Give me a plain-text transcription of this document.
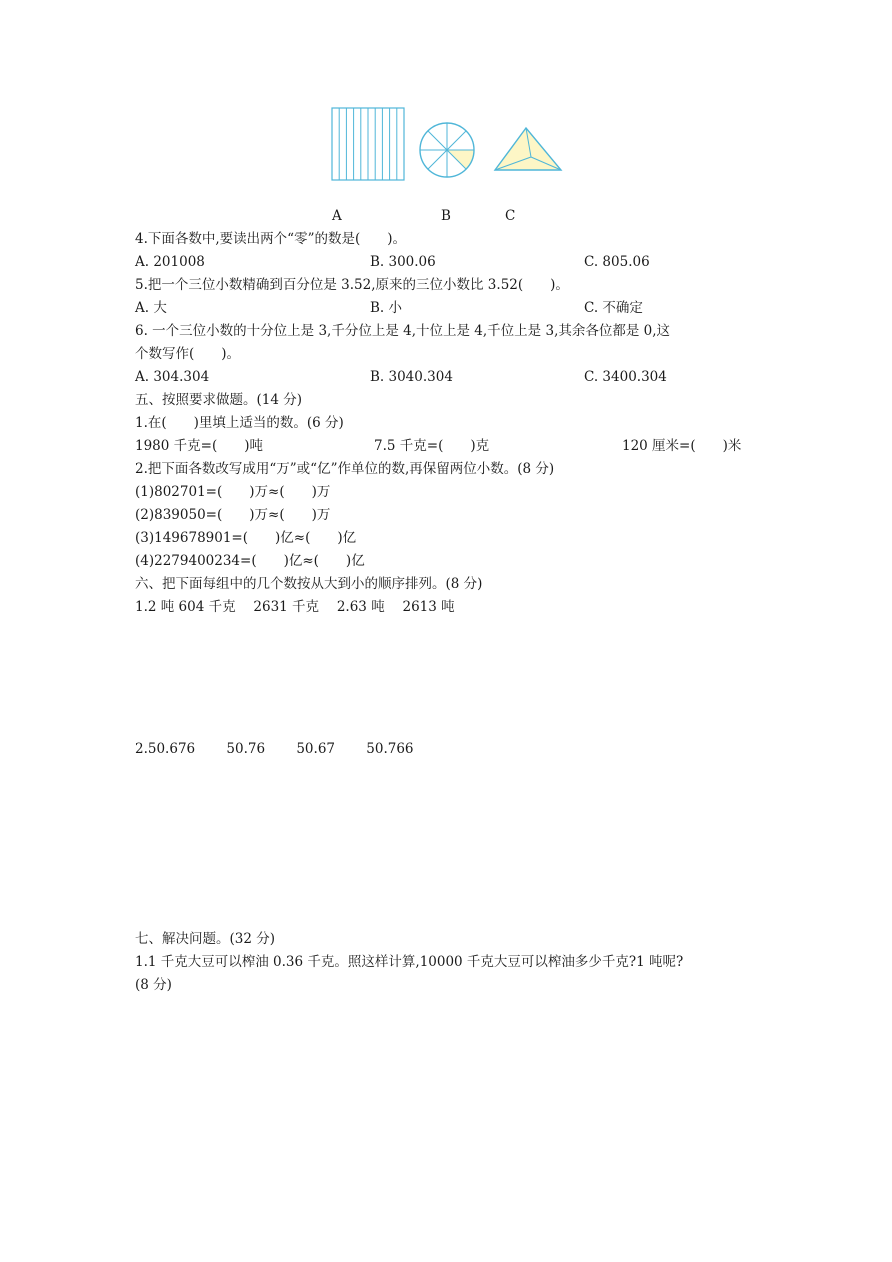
A	B	C
4.下面各数中,要读出两个“零”的数是(　　)。
A. 201008	B. 300.06	C. 805.06
5.把一个三位小数精确到百分位是 3.52,原来的三位小数比 3.52(　　)。
A. 大	B. 小	C. 不确定
6. 一个三位小数的十分位上是 3,千分位上是 4,十位上是 4,千位上是 3,其余各位都是 0,这
个数写作(　　)。
A. 304.304	B. 3040.304	C. 3400.304
五、按照要求做题。(14 分)
1.在(　　)里填上适当的数。(6 分)
1980 千克=(　　)吨	7.5 千克=(　　)克	120 厘米=(　　)米
2.把下面各数改写成用“万”或“亿”作单位的数,再保留两位小数。(8 分)
(1)802701=(　　)万≈(　　)万
(2)839050=(　　)万≈(　　)万
(3)149678901=(　　)亿≈(　　)亿
(4)2279400234=(　　)亿≈(　　)亿
六、把下面每组中的几个数按从大到小的顺序排列。(8 分)
1.2 吨 604 千克　 2631 千克　 2.63 吨　 2613 吨
2.50.676　　 50.76　　 50.67　　 50.766
七、解决问题。(32 分)
1.1 千克大豆可以榨油 0.36 千克。照这样计算,10000 千克大豆可以榨油多少千克?1 吨呢?
(8 分)
